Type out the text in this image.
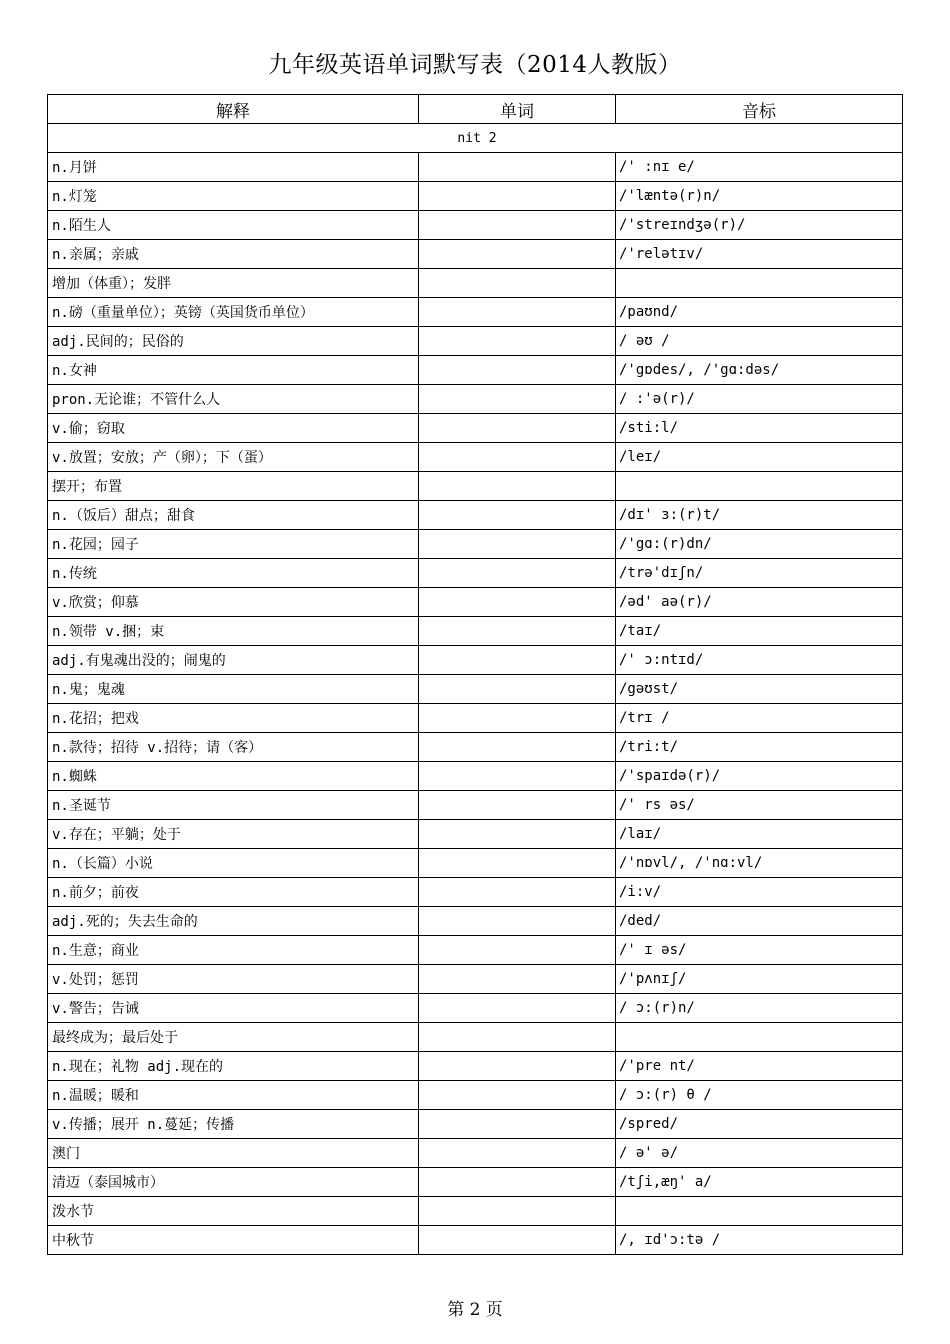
九年级英语单词默写表（2014人教版）
解释	单词	音标
nit 2		
n.月饼		/' :nɪ e/
n.灯笼		/'læntə(r)n/
n.陌生人		/'streɪndʒə(r)/
n.亲属；亲戚		/'relətɪv/
增加（体重）；发胖		
n.磅（重量单位）；英镑（英国货币单位）		/paʊnd/
adj.民间的；民俗的		/ əʊ /
n.女神		/'gɒdes/, /'gɑ:dəs/
pron.无论谁；不管什么人		/ :'ə(r)/
v.偷；窃取		/sti:l/
v.放置；安放；产（卵）；下（蛋）		/leɪ/
摆开；布置		
n.（饭后）甜点；甜食		/dɪ' ɜ:(r)t/
n.花园；园子		/'gɑ:(r)dn/
n.传统		/trə'dɪʃn/
v.欣赏；仰慕		/əd' aə(r)/
n.领带 v.捆；束		/taɪ/
adj.有鬼魂出没的；闹鬼的		/' ɔ:ntɪd/
n.鬼；鬼魂		/gəʊst/
n.花招；把戏		/trɪ /
n.款待；招待 v.招待；请（客）		/tri:t/
n.蜘蛛		/'spaɪdə(r)/
n.圣诞节		/' rs əs/
v.存在；平躺；处于		/laɪ/
n.（长篇）小说		/'nɒvl/, /'nɑ:vl/
n.前夕；前夜		/i:v/
adj.死的；失去生命的		/ded/
n.生意；商业		/' ɪ əs/
v.处罚；惩罚		/'pʌnɪʃ/
v.警告；告诫		/ ɔ:(r)n/
最终成为；最后处于		
n.现在；礼物 adj.现在的		/'pre nt/
n.温暖；暖和		/ ɔ:(r) θ /
v.传播；展开 n.蔓延；传播		/spred/
澳门		/ ə' ə/
清迈（泰国城市）		/tʃi,æŋ' a/
泼水节		
中秋节		/, ɪd'ɔ:tə /
第 2 页
